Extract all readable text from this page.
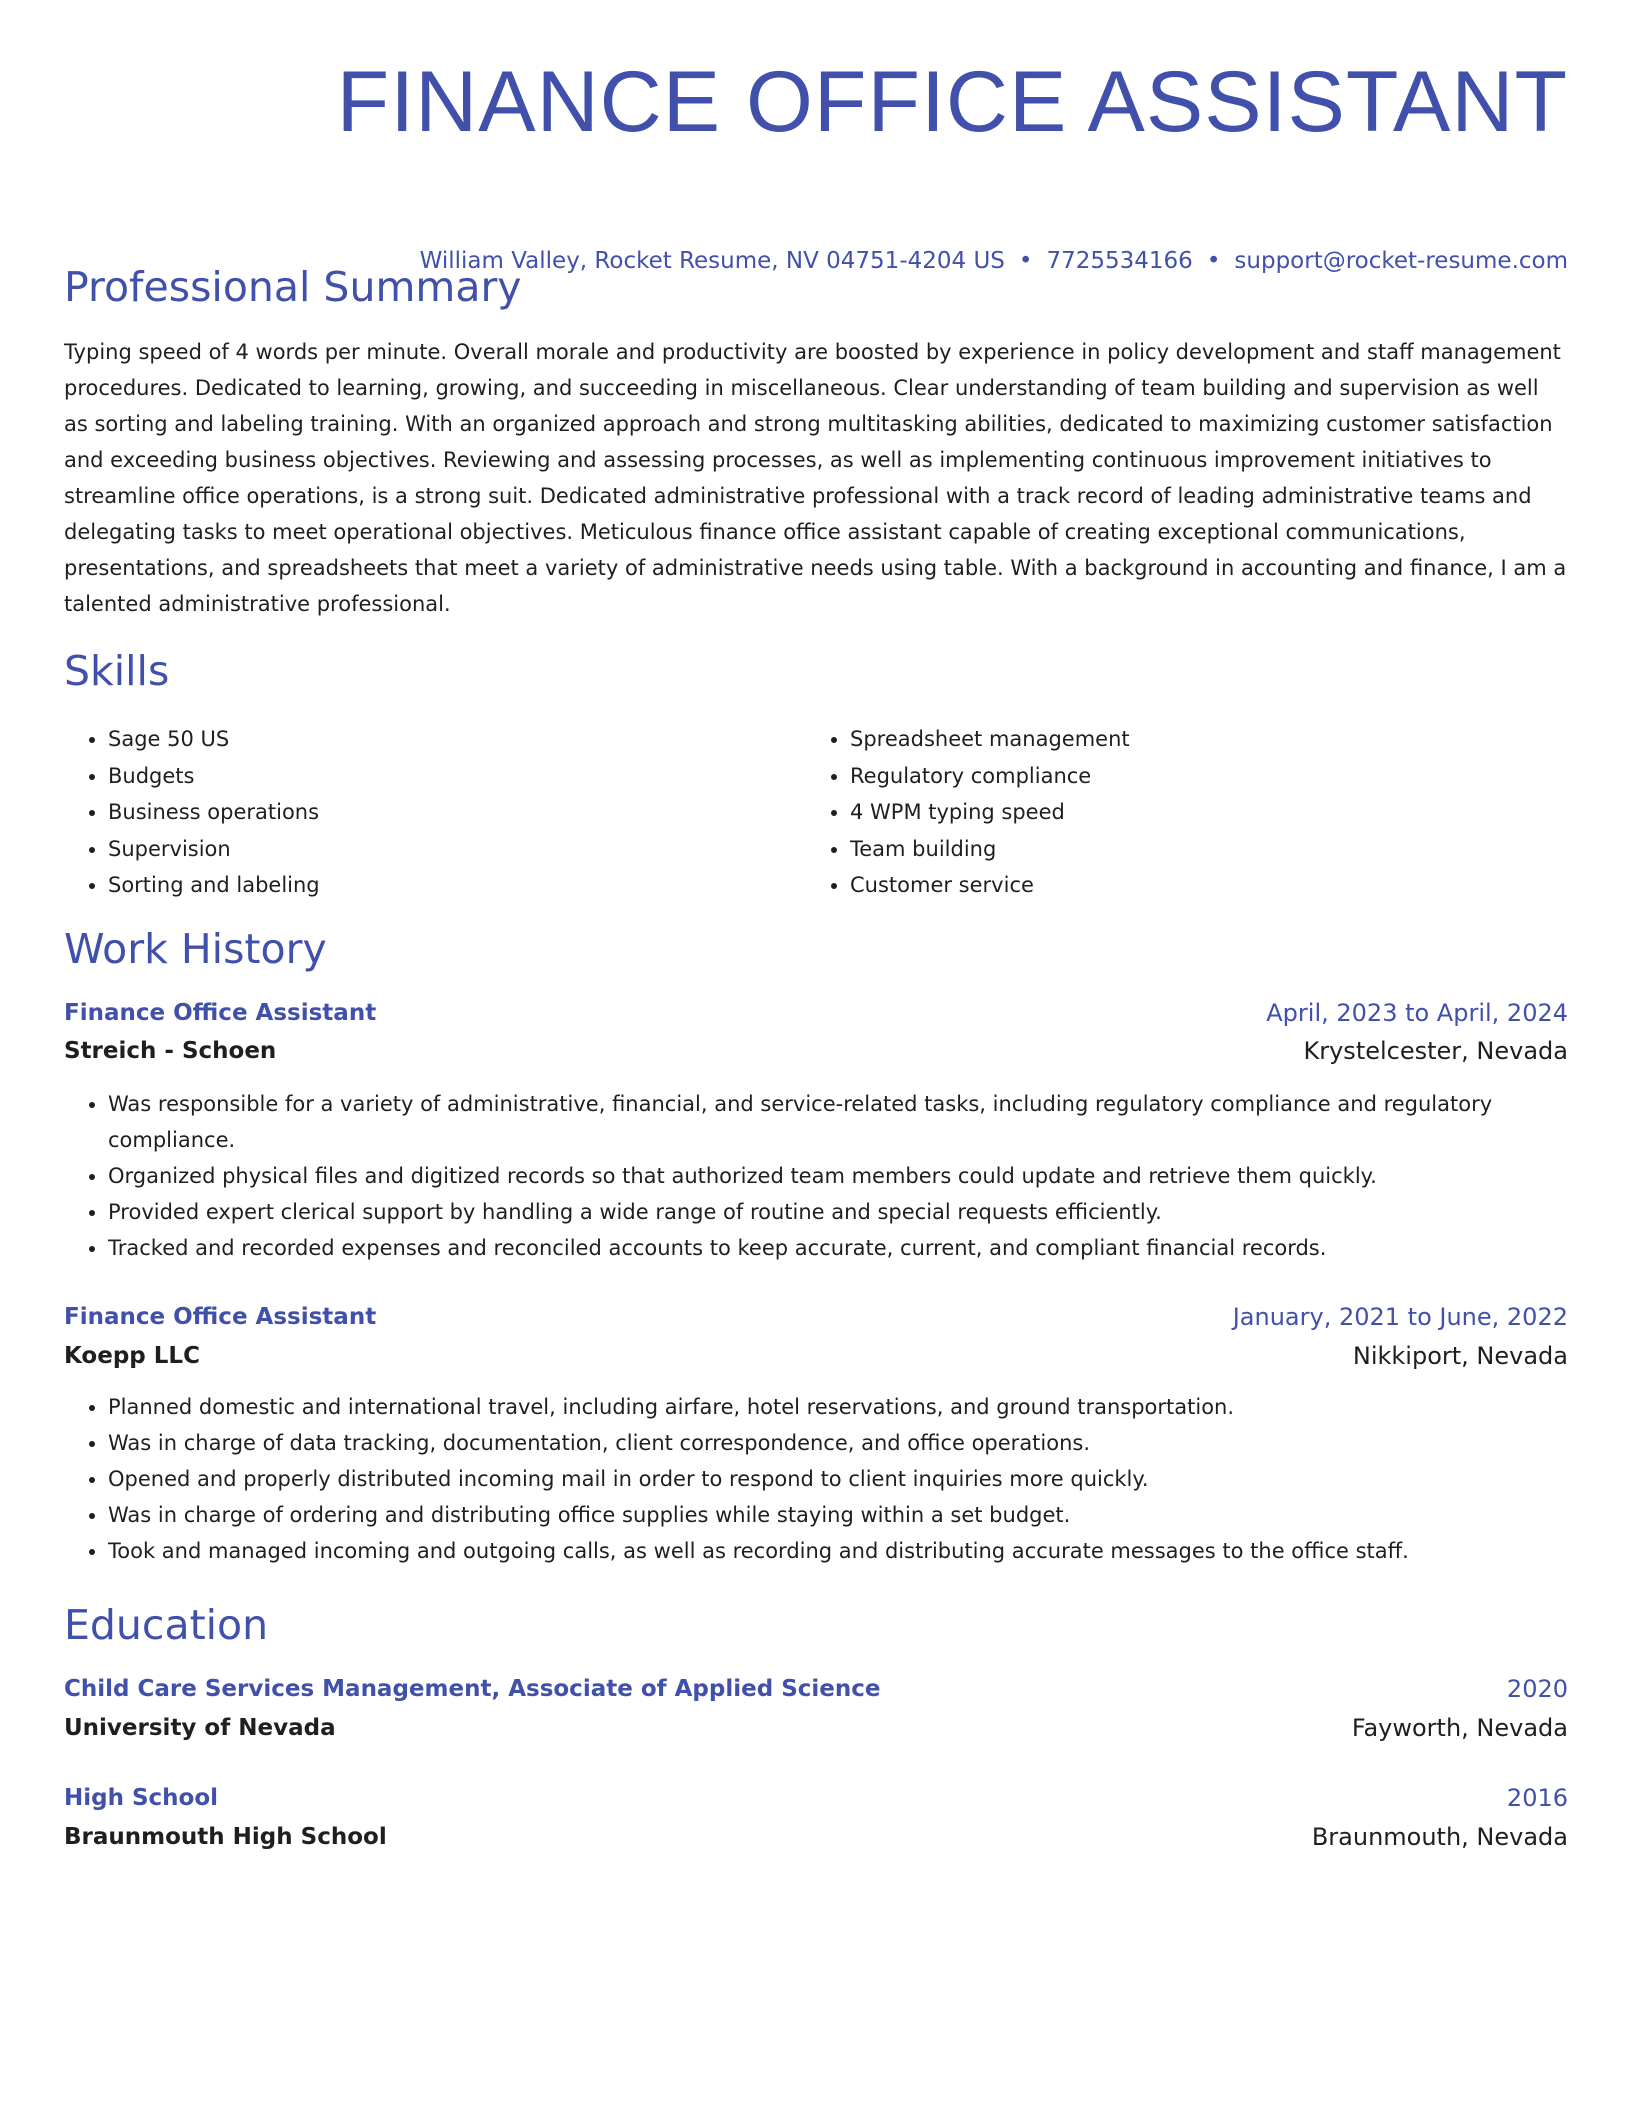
FINANCE OFFICE ASSISTANT
William Valley, Rocket Resume, NV 04751-4204 US • 7725534166 • support@rocket-resume.com
Professional Summary

Typing speed of 4 words per minute. Overall morale and productivity are boosted by experience in policy development and staff management procedures. Dedicated to learning, growing, and succeeding in miscellaneous. Clear understanding of team building and supervision as well as sorting and labeling training. With an organized approach and strong multitasking abilities, dedicated to maximizing customer satisfaction and exceeding business objectives. Reviewing and assessing processes, as well as implementing continuous improvement initiatives to streamline office operations, is a strong suit. Dedicated administrative professional with a track record of leading administrative teams and delegating tasks to meet operational objectives. Meticulous finance office assistant capable of creating exceptional communications, presentations, and spreadsheets that meet a variety of administrative needs using table. With a background in accounting and finance, I am a talented administrative professional.

Skills
• Sage 50 US
• Budgets
• Business operations
• Supervision
• Sorting and labeling
• Spreadsheet management
• Regulatory compliance
• 4 WPM typing speed
• Team building
• Customer service
Work History
Finance Office Assistant	April, 2023 to April, 2024
Streich - Schoen	Krystelcester, Nevada
• Was responsible for a variety of administrative, financial, and service-related tasks, including regulatory compliance and regulatory compliance.
• Organized physical files and digitized records so that authorized team members could update and retrieve them quickly.
• Provided expert clerical support by handling a wide range of routine and special requests efficiently.
• Tracked and recorded expenses and reconciled accounts to keep accurate, current, and compliant financial records.
Finance Office Assistant	January, 2021 to June, 2022
Koepp LLC	Nikkiport, Nevada
• Planned domestic and international travel, including airfare, hotel reservations, and ground transportation.
• Was in charge of data tracking, documentation, client correspondence, and office operations.
• Opened and properly distributed incoming mail in order to respond to client inquiries more quickly.
• Was in charge of ordering and distributing office supplies while staying within a set budget.
• Took and managed incoming and outgoing calls, as well as recording and distributing accurate messages to the office staff.
Education
Child Care Services Management, Associate of Applied Science	2020
University of Nevada	Fayworth, Nevada
High School	2016
Braunmouth High School	Braunmouth, Nevada
